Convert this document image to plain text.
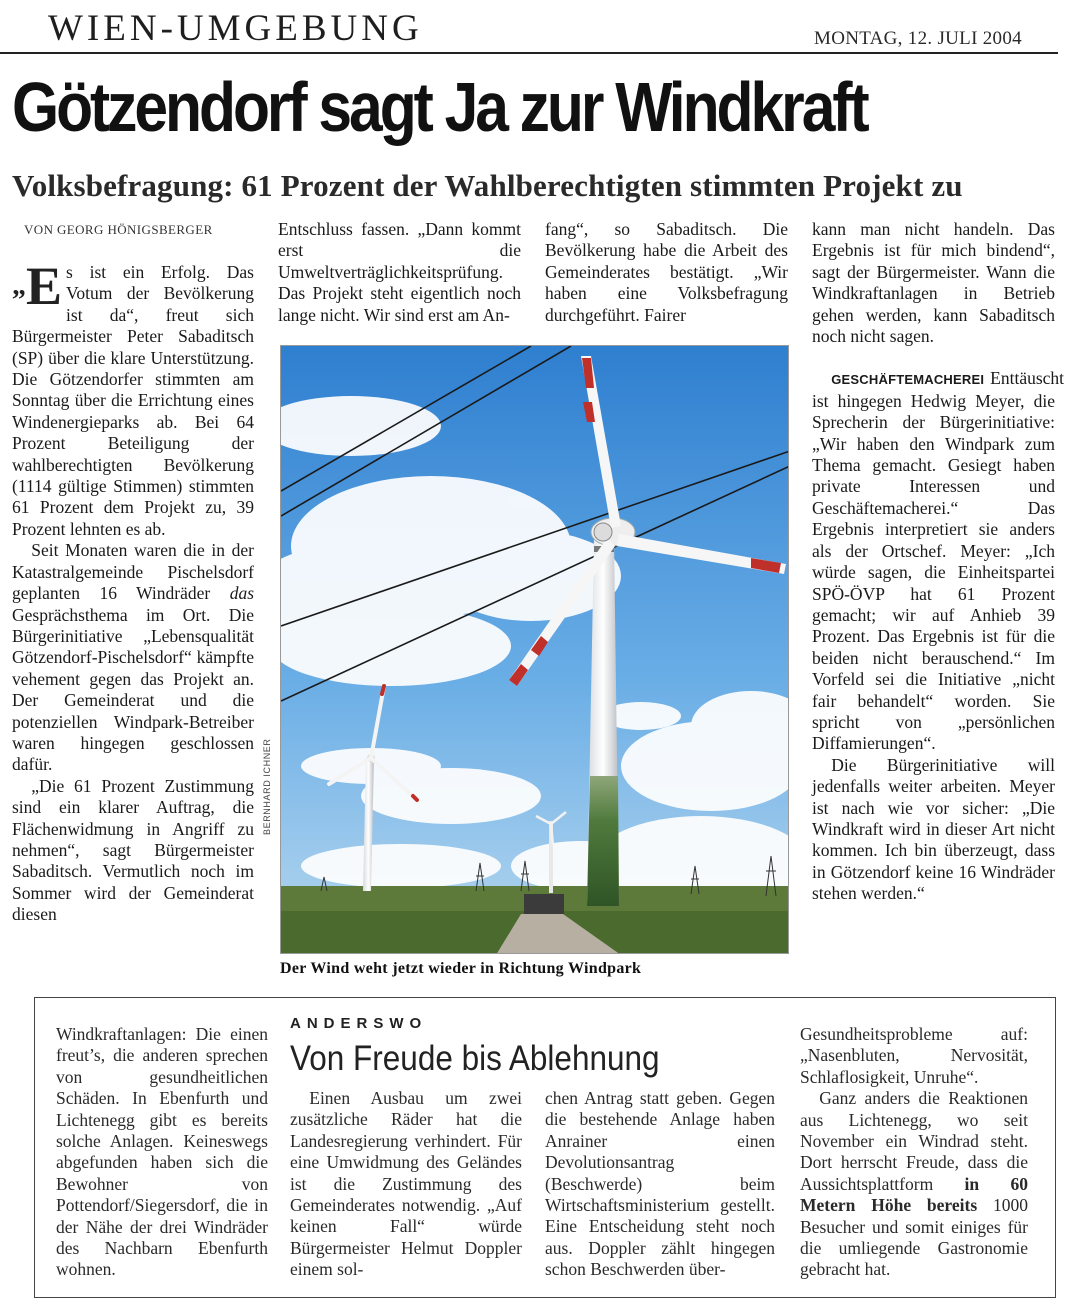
WIEN-UMGEBUNG	MONTAG, 12. JULI 2004
Götzendorf sagt Ja zur Windkraft
Volksbefragung: 61 Prozent der Wahlberechtigten stimmten Projekt zu
VON GEORG HÖNIGSBERGER

„E s ist ein Erfolg. Das Votum der Bevölkerung ist da“, freut sich Bürgermeister Peter Sabaditsch (SP) über die klare Unterstützung. Die Götzendorfer stimmten am Sonntag über die Errichtung eines Windenergieparks ab. Bei 64 Prozent Beteiligung der wahlberechtigten Bevölkerung (1114 gültige Stimmen) stimmten 61 Prozent dem Projekt zu, 39 Prozent lehnten es ab.

Seit Monaten waren die in der Katastralgemeinde Pischelsdorf geplanten 16 Windräder das Gesprächsthema im Ort. Die Bürgerinitiative „Lebensqualität Götzendorf-Pischelsdorf“ kämpfte vehement gegen das Projekt an. Der Gemeinderat und die potenziellen Windpark-Betreiber waren hingegen geschlossen dafür.

„Die 61 Prozent Zustimmung sind ein klarer Auftrag, die Flächenwidmung in Angriff zu nehmen“, sagt Bürgermeister Sabaditsch. Vermutlich noch im Sommer wird der Gemeinderat diesen

Entschluss fassen. „Dann kommt erst die Umweltverträglichkeitsprüfung. Das Projekt steht eigentlich noch lange nicht. Wir sind erst am An-

fang“, so Sabaditsch. Die Bevölkerung habe die Arbeit des Gemeinderates bestätigt. „Wir haben eine Volksbefragung durchgeführt. Fairer

kann man nicht handeln. Das Ergebnis ist für mich bindend“, sagt der Bürgermeister. Wann die Windkraftanlagen in Betrieb gehen werden, kann Sabaditsch noch nicht sagen.

GESCHÄFTEMACHEREI Enttäuscht ist hingegen Hedwig Meyer, die Sprecherin der Bürgerinitiative: „Wir haben den Windpark zum Thema gemacht. Gesiegt haben private Interessen und Geschäftemacherei.“ Das Ergebnis interpretiert sie anders als der Ortschef. Meyer: „Ich würde sagen, die Einheitspartei SPÖ-ÖVP hat 61 Prozent gemacht; wir auf Anhieb 39 Prozent. Das Ergebnis ist für die beiden nicht berauschend.“ Im Vorfeld sei die Initiative „nicht fair behandelt“ worden. Sie spricht von „persönlichen Diffamierungen“.

Die Bürgerinitiative will jedenfalls weiter arbeiten. Meyer ist nach wie vor sicher: „Die Windkraft wird in dieser Art nicht kommen. Ich bin überzeugt, dass in Götzendorf keine 16 Windräder stehen werden.“

BERNHARD ICHNER
Der Wind weht jetzt wieder in Richtung Windpark
ANDERSWO
Von Freude bis Ablehnung

Windkraftanlagen: Die einen freut’s, die anderen sprechen von gesundheitlichen Schäden. In Ebenfurth und Lichtenegg gibt es bereits solche Anlagen. Keineswegs abgefunden haben sich die Bewohner von Pottendorf/Siegersdorf, die in der Nähe der drei Windräder des Nachbarn Ebenfurth wohnen.

Einen Ausbau um zwei zusätzliche Räder hat die Landesregierung verhindert. Für eine Umwidmung des Geländes ist die Zustimmung des Gemeinderates notwendig. „Auf keinen Fall“ würde Bürgermeister Helmut Doppler einem sol-

chen Antrag statt geben. Gegen die bestehende Anlage haben Anrainer einen Devolutionsantrag (Beschwerde) beim Wirtschaftsministerium gestellt. Eine Entscheidung steht noch aus. Doppler zählt hingegen schon Beschwerden über-

Gesundheitsprobleme auf: „Nasenbluten, Nervosität, Schlaflosigkeit, Unruhe“.

Ganz anders die Reaktionen aus Lichtenegg, wo seit November ein Windrad steht. Dort herrscht Freude, dass die Aussichtsplattform in 60 Metern Höhe bereits 1000 Besucher und somit einiges für die umliegende Gastronomie gebracht hat.
